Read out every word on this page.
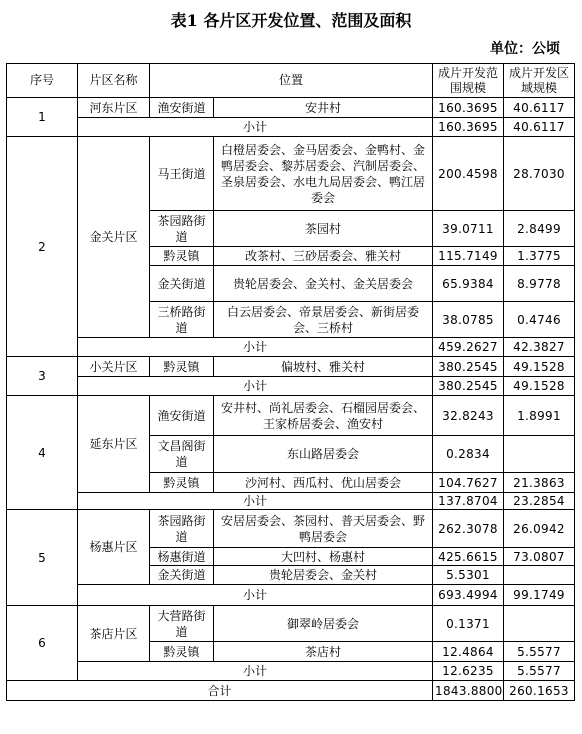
表1 各片区开发位置、范围及面积
单位：公顷
序号	片区名称	位置		成片开发范围规模	成片开发区域规模
1	河东片区	渔安街道	安井村	160.3695	40.6117
	小计			160.3695	40.6117
2	金关片区	马王街道	白橙居委会、金马居委会、金鸭村、金鸭居委会、黎苏居委会、汽制居委会、圣泉居委会、水电九局居委会、鸭江居委会	200.4598	28.7030
		茶园路街道	茶园村	39.0711	2.8499
		黔灵镇	改茶村、三砂居委会、雅关村	115.7149	1.3775
		金关街道	贵轮居委会、金关村、金关居委会	65.9384	8.9778
		三桥路街道	白云居委会、帝景居委会、新街居委会、三桥村	38.0785	0.4746
	小计			459.2627	42.3827
3	小关片区	黔灵镇	偏坡村、雅关村	380.2545	49.1528
	小计			380.2545	49.1528
4	延东片区	渔安街道	安井村、尚礼居委会、石榴园居委会、王家桥居委会、渔安村	32.8243	1.8991
		文昌阁街道	东山路居委会	0.2834	
		黔灵镇	沙河村、西瓜村、优山居委会	104.7627	21.3863
	小计			137.8704	23.2854
5	杨惠片区	茶园路街道	安居居委会、茶园村、普天居委会、野鸭居委会	262.3078	26.0942
		杨惠街道	大凹村、杨惠村	425.6615	73.0807
		金关街道	贵轮居委会、金关村	5.5301	
	小计			693.4994	99.1749
6	茶店片区	大营路街道	御翠岭居委会	0.1371	
		黔灵镇	茶店村	12.4864	5.5577
	小计			12.6235	5.5577
合计				1843.8800	260.1653
